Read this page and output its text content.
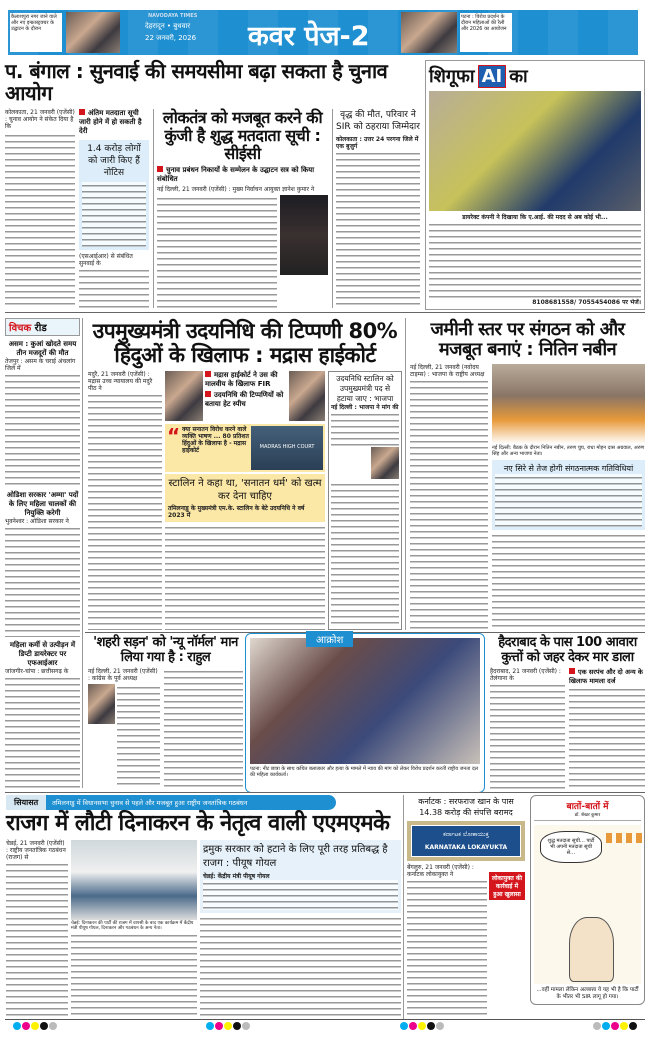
कैलाशपुरा नगर जाने वाले और नए इन्फ्रास्ट्रक्चर के उद्घाटन के दौरान
NAVODAYA TIMES
देहरादून • बुधवार
22 जनवरी, 2026 कवर पेज-2
पटना : विरोध प्रदर्शन के दौरान महिलाओं की रैली और 2026 का आयोजन
प. बंगाल : सुनवाई की समयसीमा बढ़ा सकता है चुनाव आयोग
कोलकाता, 21 जनवरी (एजेंसी) : चुनाव आयोग ने संकेत दिया है कि
अंतिम मतदाता सूची जारी होने में हो सकती है देरी
1.4 करोड़ लोगों को जारी किए हैं नोटिस
(एसआईआर) से संबंधित सुनवाई के
लोकतंत्र को मजबूत करने की कुंजी है शुद्ध मतदाता सूची : सीईसी
चुनाव प्रबंधन निकायों के सम्मेलन के उद्घाटन सत्र को किया संबोधित
नई दिल्ली, 21 जनवरी (एजेंसी) : मुख्य निर्वाचन आयुक्त ज्ञानेश कुमार ने
वृद्ध की मौत, परिवार ने SIR को ठहराया जिम्मेदार
कोलकाता : उत्तर 24 परगना जिले में एक बुजुर्ग
शिगूफा AI का
डायरेक्ट कंपनी ने दिखाया कि ए.आई. की मदद से अब कोई भी...
8108681558/ 7055454086 पर भेजें।
विचक रीड
असम : कुआं खोदते समय तीन मजदूरों की मौत
तेजपुर : असम के चराई अंचलांग जिले में
ओडिशा सरकार 'अम्मा' पदों के लिए महिला चालकों की नियुक्ति करेगी
भुवनेश्वर : ओडिशा सरकार ने
महिला कर्मी से उत्पीड़न में डिप्टी डायरेक्टर पर एफआईआर
जांजगीर-चांपा : छत्तीसगढ़ के
उपमुख्यमंत्री उदयनिधि की टिप्पणी 80% हिंदुओं के खिलाफ : मद्रास हाईकोर्ट
मदुरै, 21 जनवरी (एजेंसी) : मद्रास उच्च न्यायालय की मदुरै पीठ ने
मद्रास हाईकोर्ट ने उस की मालवीय के खिलाफ FIR
उदयनिधि की टिप्पणियों को बताया हेट स्पीच
“ क्या सनातन विरोध करने वाले व्यक्ति भाषण ... 80 प्रतिशत हिंदुओं के खिलाफ है - मद्रास हाईकोर्ट	MADRAS HIGH COURT
स्टालिन ने कहा था, 'सनातन धर्म' को खत्म कर देना चाहिए
तमिलनाडु के मुख्यमंत्री एम.के. स्टालिन के बेटे उदयनिधि ने वर्ष 2023 में
उदयनिधि स्टालिन को उपमुख्यमंत्री पद से हटाया जाए : भाजपा
नई दिल्ली : भाजपा ने मांग की
जमीनी स्तर पर संगठन को और मजबूत बनाएं : नितिन नबीन
नई दिल्ली, 21 जनवरी (नवोदय टाइम्स) : भाजपा के राष्ट्रीय अध्यक्ष
नई दिल्ली: बैठक के दौरान नितिन नबीन, तरुण चुघ, राधा मोहन दास अग्रवाल, अरुण सिंह और अन्य भाजपा नेता।
नए सिरे से तेज होगी संगठनात्मक गतिविधियां
'शहरी सड़न' को 'न्यू नॉर्मल' मान लिया गया है : राहुल
नई दिल्ली, 21 जनवरी (एजेंसी) : कांग्रेस के पूर्व अध्यक्ष
पटना: नीट छात्रा के साथ कथित बलात्कार और हत्या के मामले में न्याय की मांग को लेकर विरोध प्रदर्शन करतीं राष्ट्रीय जनता दल की महिला कार्यकर्ता।
आक्रोश	हैदराबाद के पास 100 आवारा कुत्तों को जहर देकर मार डाला
हैदराबाद, 21 जनवरी (एजेंसी) : तेलंगाना के
एक सरपंच और दो अन्य के खिलाफ मामला दर्ज
सियासत	तमिलनाडु में विधानसभा चुनाव से पहले और मजबूत हुआ राष्ट्रीय जनतांत्रिक गठबंधन
राजग में लौटी दिनाकरन के नेतृत्व वाली एएमएमके
चेन्नई, 21 जनवरी (एजेंसी) : राष्ट्रीय जनतांत्रिक गठबंधन (राजग) से
चेन्नई: दिनाकरन की पार्टी की राजग में वापसी के बाद एक कार्यक्रम में केंद्रीय मंत्री पीयूष गोयल, दिनाकरन और गठबंधन के अन्य नेता।
द्रमुक सरकार को हटाने के लिए पूरी तरह प्रतिबद्ध है राजग : पीयूष गोयल
चेन्नई: केंद्रीय मंत्री पीयूष गोयल
कर्नाटक : सरफराज खान के पास 14.38 करोड़ की संपत्ति बरामद
ಕರ್ನಾಟಕ ಲೋಕಾಯುಕ್ತ
KARNATAKA LOKAYUKTA
बेंगलुरु, 21 जनवरी (एजेंसी) : कर्नाटक लोकायुक्त ने
लोकायुक्त की कार्रवाई में हुआ खुलासा
बातों-बातों में
डॉ. शेखर कुमार
शुद्ध मतदाता सूची… पार्टी भी अपनी मतदाता सूची से…
...वहीं मामला लेकिन अलबत्ता ये यह भी है कि पार्टी के भीतर भी SIR लागू हो गया।
